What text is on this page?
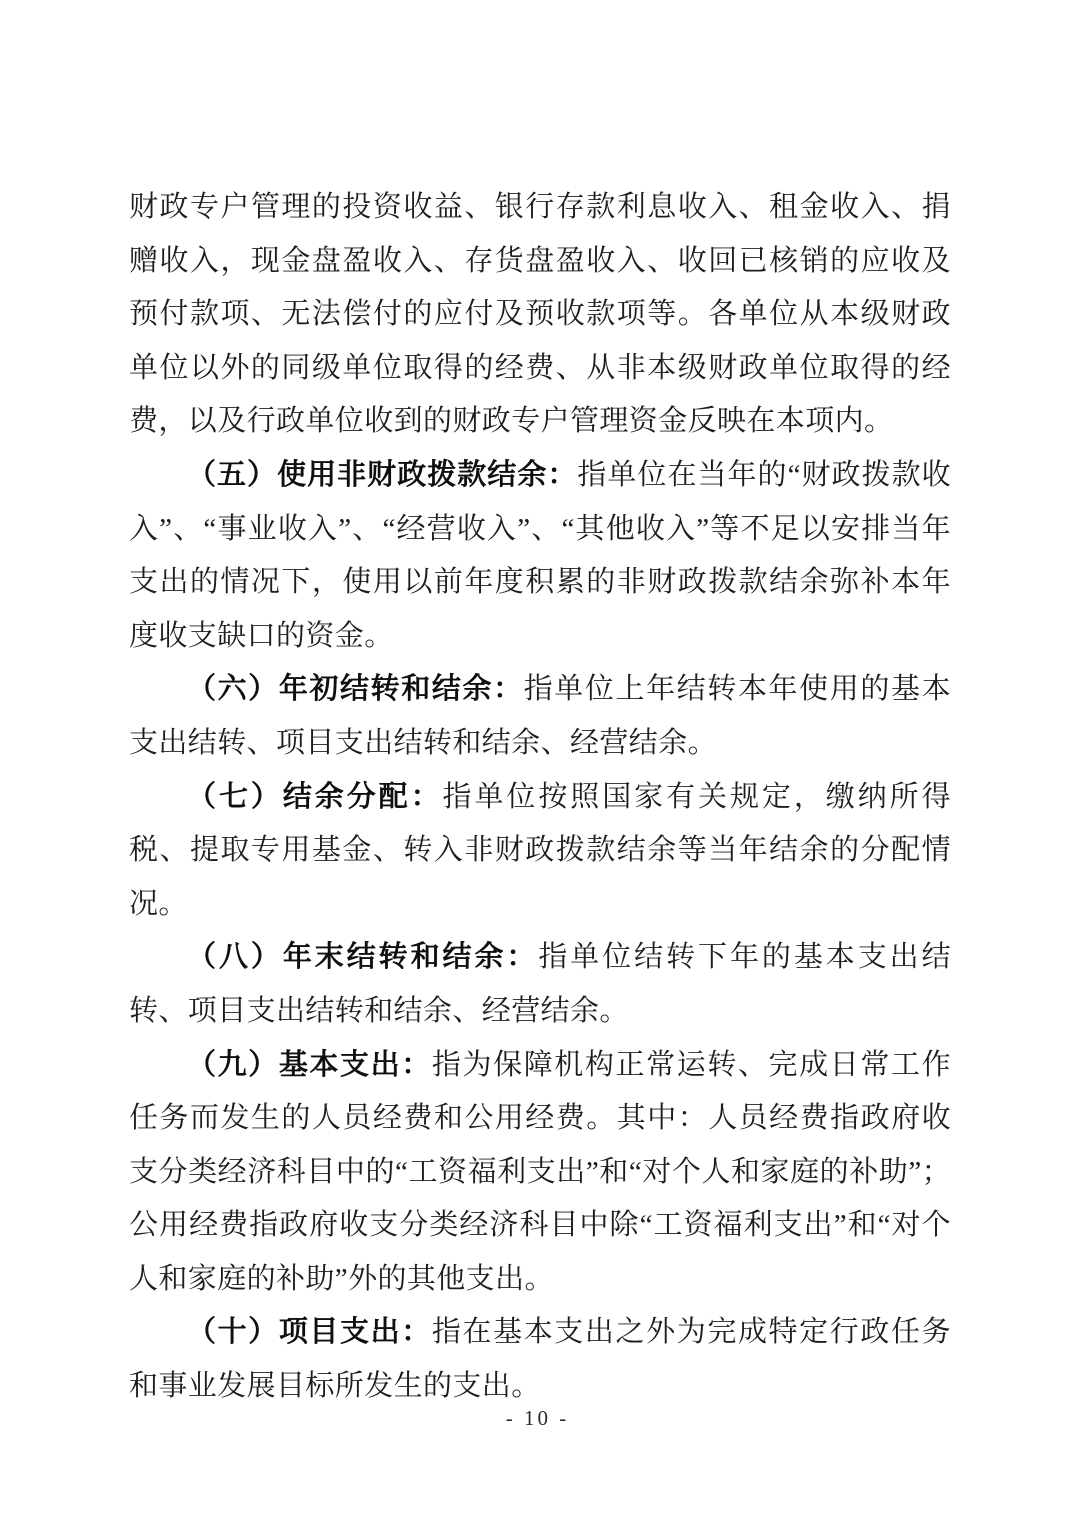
财政专户管理的投资收益、银行存款利息收入、租金收入、捐赠收入，现金盘盈收入、存货盘盈收入、收回已核销的应收及预付款项、无法偿付的应付及预收款项等。各单位从本级财政单位以外的同级单位取得的经费、从非本级财政单位取得的经费，以及行政单位收到的财政专户管理资金反映在本项内。

（五）使用非财政拨款结余：指单位在当年的“财政拨款收入”、“事业收入”、“经营收入”、“其他收入”等不足以安排当年支出的情况下，使用以前年度积累的非财政拨款结余弥补本年度收支缺口的资金。

（六）年初结转和结余：指单位上年结转本年使用的基本支出结转、项目支出结转和结余、经营结余。

（七）结余分配：指单位按照国家有关规定，缴纳所得税、提取专用基金、转入非财政拨款结余等当年结余的分配情况。

（八）年末结转和结余：指单位结转下年的基本支出结转、项目支出结转和结余、经营结余。

（九）基本支出：指为保障机构正常运转、完成日常工作任务而发生的人员经费和公用经费。其中：人员经费指政府收支分类经济科目中的“工资福利支出”和“对个人和家庭的补助”；公用经费指政府收支分类经济科目中除“工资福利支出”和“对个人和家庭的补助”外的其他支出。

（十）项目支出：指在基本支出之外为完成特定行政任务和事业发展目标所发生的支出。

- 10 -
